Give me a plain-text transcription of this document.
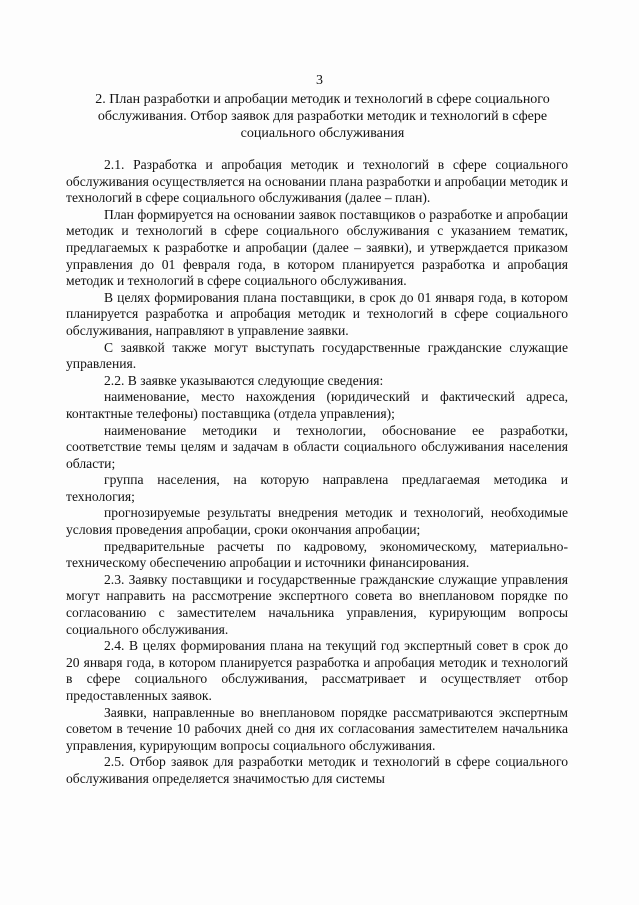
3
2. План разработки и апробации методик и технологий в сфере социального
обслуживания. Отбор заявок для разработки методик и технологий в сфере
социального обслуживания

2.1. Разработка и апробация методик и технологий в сфере социального обслуживания осуществляется на основании плана разработки и апробации методик и технологий в сфере социального обслуживания (далее – план).

План формируется на основании заявок поставщиков о разработке и апробации методик и технологий в сфере социального обслуживания с указанием тематик, предлагаемых к разработке и апробации (далее – заявки), и утверждается приказом управления до 01 февраля года, в котором планируется разработка и апробация методик и технологий в сфере социального обслуживания.

В целях формирования плана поставщики, в срок до 01 января года, в котором планируется разработка и апробация методик и технологий в сфере социального обслуживания, направляют в управление заявки.

С заявкой также могут выступать государственные гражданские служащие управления.

2.2. В заявке указываются следующие сведения:

наименование, место нахождения (юридический и фактический адреса, контактные телефоны) поставщика (отдела управления);

наименование методики и технологии, обоснование ее разработки, соответствие темы целям и задачам в области социального обслуживания населения области;

группа населения, на которую направлена предлагаемая методика и технология;

прогнозируемые результаты внедрения методик и технологий, необходимые условия проведения апробации, сроки окончания апробации;

предварительные расчеты по кадровому, экономическому, материально-техническому обеспечению апробации и источники финансирования.

2.3. Заявку поставщики и государственные гражданские служащие управления могут направить на рассмотрение экспертного совета во внеплановом порядке по согласованию с заместителем начальника управления, курирующим вопросы социального обслуживания.

2.4. В целях формирования плана на текущий год экспертный совет в срок до 20 января года, в котором планируется разработка и апробация методик и технологий в сфере социального обслуживания, рассматривает и осуществляет отбор предоставленных заявок.

Заявки, направленные во внеплановом порядке рассматриваются экспертным советом в течение 10 рабочих дней со дня их согласования заместителем начальника управления, курирующим вопросы социального обслуживания.

2.5. Отбор заявок для разработки методик и технологий в сфере социального обслуживания определяется значимостью для системы
